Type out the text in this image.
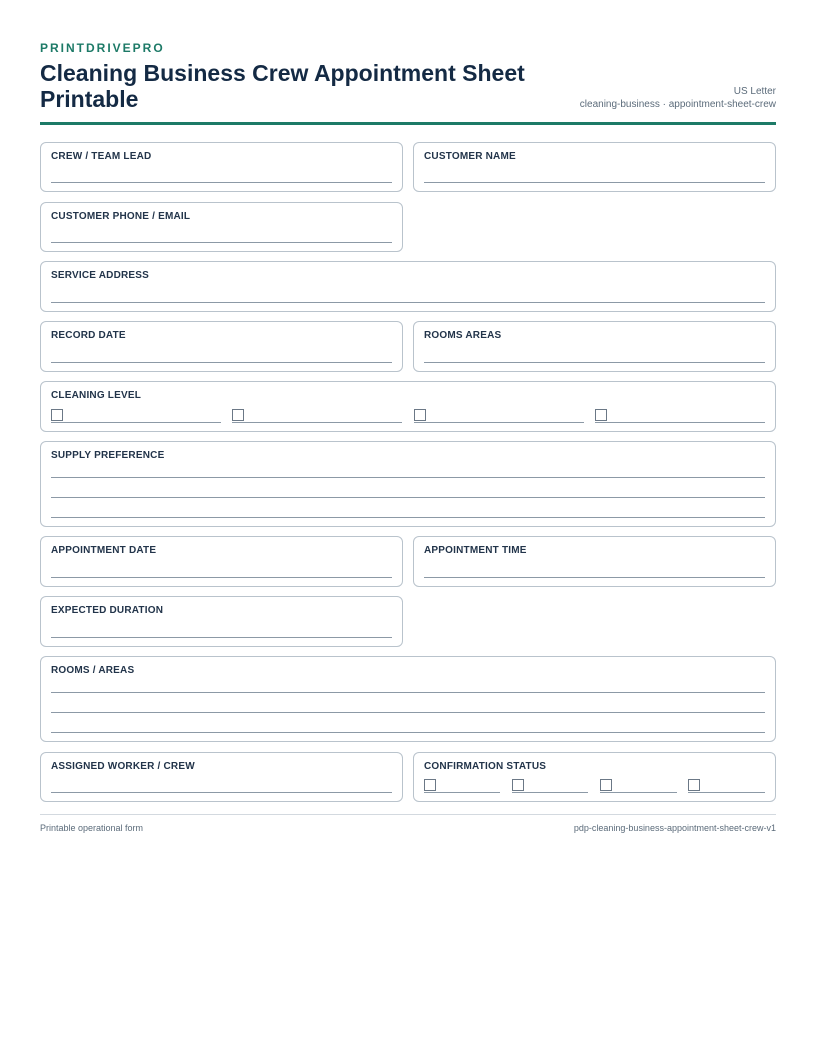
PRINTDRIVEPRO
Cleaning Business Crew Appointment Sheet Printable	US Letter
cleaning-business · appointment-sheet-crew
CREW / TEAM LEAD	CUSTOMER NAME
CUSTOMER PHONE / EMAIL
SERVICE ADDRESS
RECORD DATE	ROOMS AREAS
CLEANING LEVEL
SUPPLY PREFERENCE
APPOINTMENT DATE	APPOINTMENT TIME
EXPECTED DURATION
ROOMS / AREAS
ASSIGNED WORKER / CREW	CONFIRMATION STATUS
Printable operational form	pdp-cleaning-business-appointment-sheet-crew-v1
